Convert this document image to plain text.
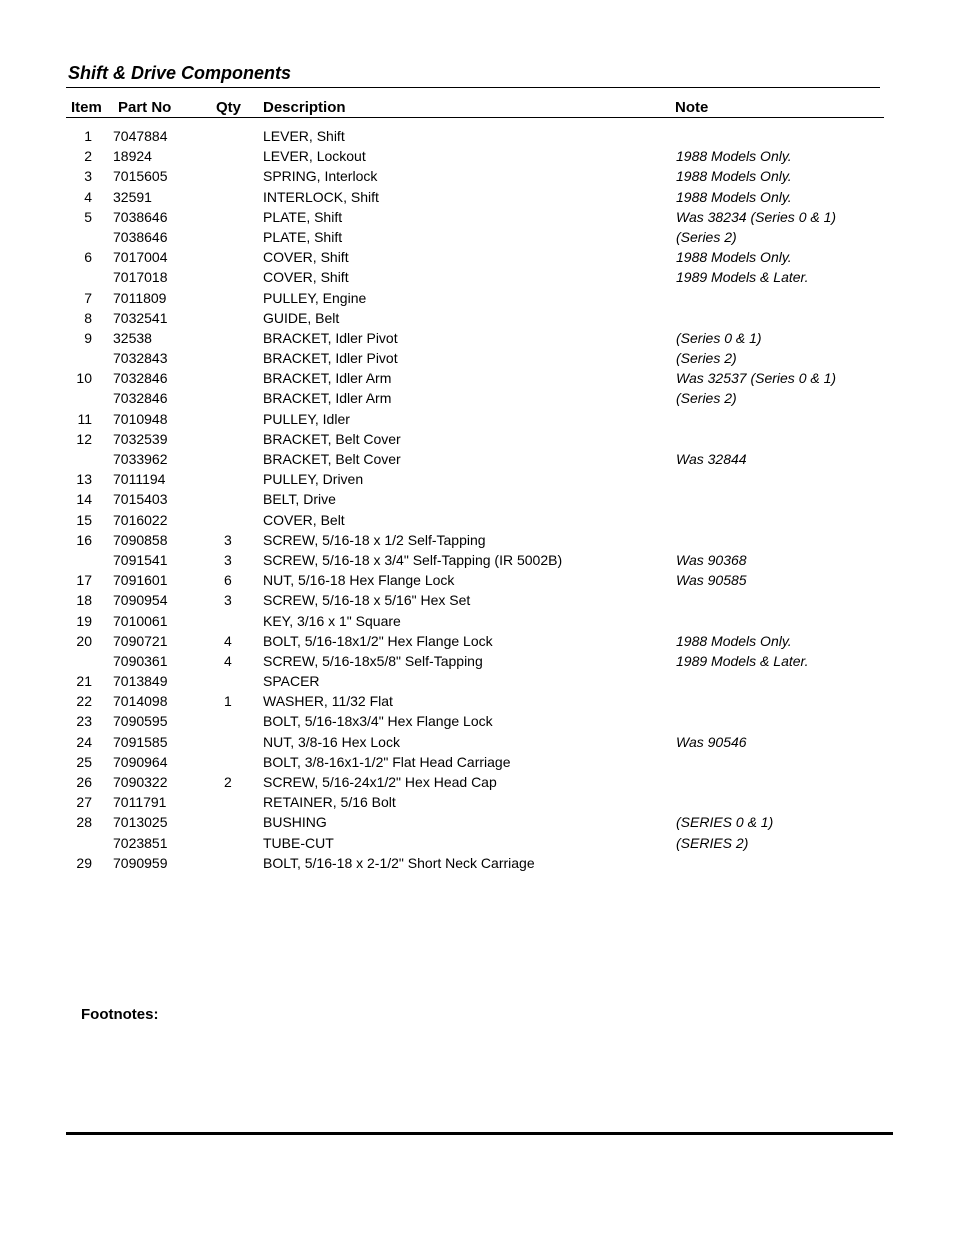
Shift & Drive Components
Item Part No	Qty Description	Note
1 7047884	LEVER, Shift
2 18924	LEVER, Lockout	1988 Models Only.
3 7015605	SPRING, Interlock	1988 Models Only.
4 32591	INTERLOCK, Shift	1988 Models Only.
5 7038646	PLATE, Shift	Was 38234 (Series 0 & 1)
7038646	PLATE, Shift	(Series 2)
6 7017004	COVER, Shift	1988 Models Only.
7017018	COVER, Shift	1989 Models & Later.
7 7011809	PULLEY, Engine
8 7032541	GUIDE, Belt
9 32538	BRACKET, Idler Pivot	(Series 0 & 1)
7032843	BRACKET, Idler Pivot	(Series 2)
10 7032846	BRACKET, Idler Arm	Was 32537 (Series 0 & 1)
7032846	BRACKET, Idler Arm	(Series 2)
11 7010948	PULLEY, Idler
12 7032539	BRACKET, Belt Cover
7033962	BRACKET, Belt Cover	Was 32844
13 7011194	PULLEY, Driven
14 7015403	BELT, Drive
15 7016022	COVER, Belt
16 7090858	3 SCREW, 5/16-18 x 1/2 Self-Tapping
7091541	3 SCREW, 5/16-18 x 3/4" Self-Tapping (IR 5002B)	Was 90368
17 7091601	6 NUT, 5/16-18 Hex Flange Lock	Was 90585
18 7090954	3 SCREW, 5/16-18 x 5/16" Hex Set
19 7010061	KEY, 3/16 x 1" Square
20 7090721	4 BOLT, 5/16-18x1/2" Hex Flange Lock	1988 Models Only.
7090361	4 SCREW, 5/16-18x5/8" Self-Tapping	1989 Models & Later.
21 7013849	SPACER
22 7014098	1 WASHER, 11/32 Flat
23 7090595	BOLT, 5/16-18x3/4" Hex Flange Lock
24 7091585	NUT, 3/8-16 Hex Lock	Was 90546
25 7090964	BOLT, 3/8-16x1-1/2" Flat Head Carriage
26 7090322	2 SCREW, 5/16-24x1/2" Hex Head Cap
27 7011791	RETAINER, 5/16 Bolt
28 7013025	BUSHING	(SERIES 0 & 1)
7023851	TUBE-CUT	(SERIES 2)
29 7090959	BOLT, 5/16-18 x 2-1/2" Short Neck Carriage
Footnotes:
